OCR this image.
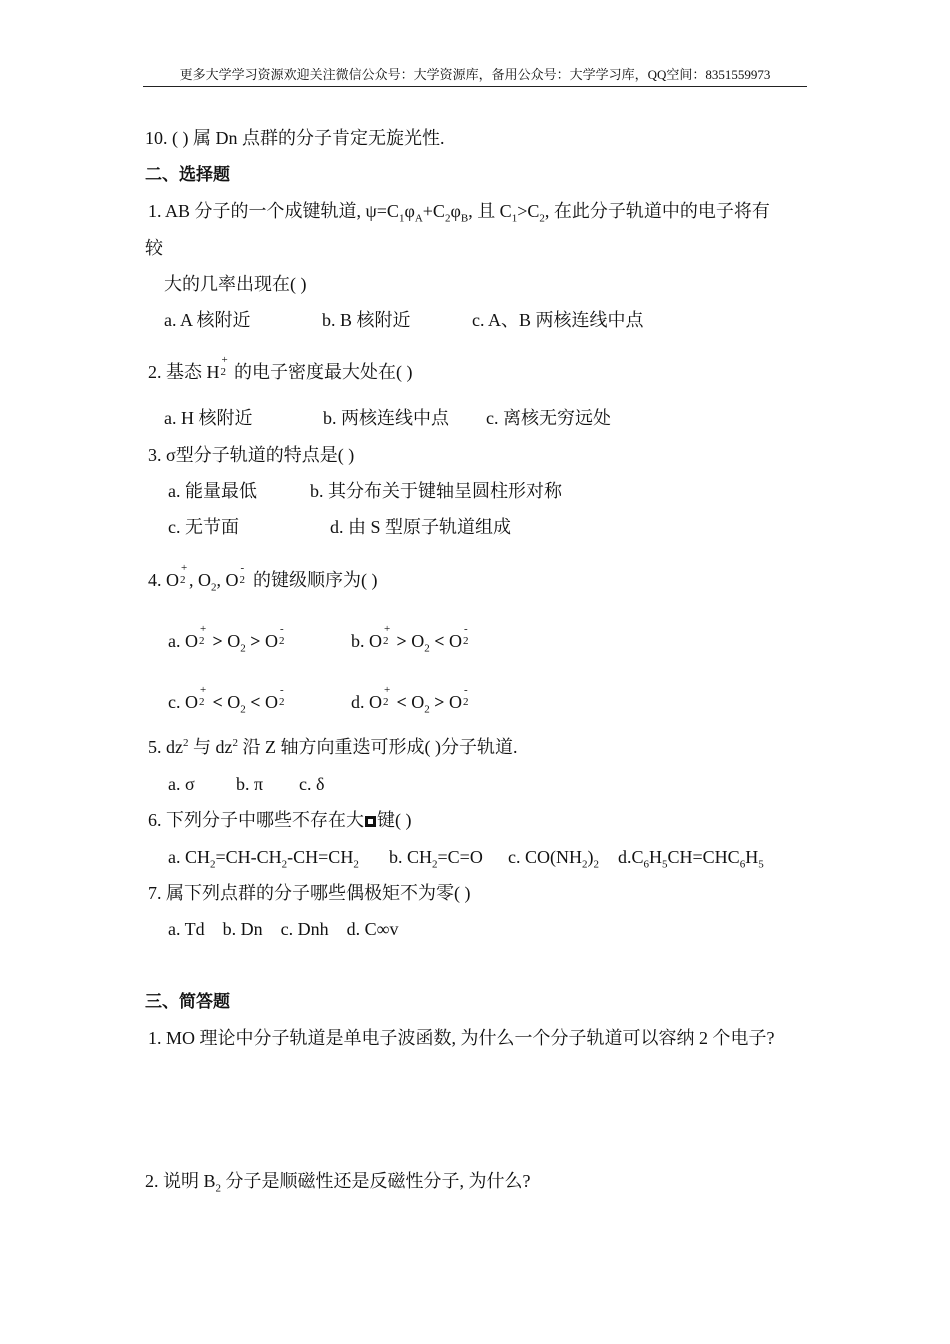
更多大学学习资源欢迎关注微信公众号：大学资源库，备用公众号：大学学习库，QQ空间：8351559973
10. ( ) 属 Dn 点群的分子肯定无旋光性.
二、选择题
1. AB 分子的一个成键轨道, $\psi=C_1\varphi_A+C_2\varphi_B$, 且 $C_1>C_2$, 在此分子轨道中的电子将有
较
大的几率出现在( )
a. A 核附近	b. B 核附近	c. A、B 两核连线中点
2. 基态 H
+
2 的电子密度最大处在( )
a. H 核附近	b. 两核连线中点 c. 离核无穷远处
3. σ型分子轨道的特点是( )
a. 能量最低	b. 其分布关于键轴呈圆柱形对称
c. 无节面	d. 由 S 型原子轨道组成
4. O
+
2 , $O_2$, O
-
2 的键级顺序为( )
a. O
+
$2 > O_2 > O$
-
2	b. O
+
$2 > O_2 < O$
-
2
c. O
+
$2 < O_2 < O$
-
2	d. O
+
$2 < O_2 > O$
-
2
5. $dz^2$ 与 $dz^2$ 沿 Z 轴方向重迭可形成( )分子轨道.
a. σ b. π c. δ
6. 下列分子中哪些不存在大 键( )
a. $CH_2=CH-CH_2-CH=CH_2$ b. $CH_2=C=O$ c. $CO(NH_2)_2$ $d.C_6H_5CH=CHC_6H_5$
7. 属下列点群的分子哪些偶极矩不为零( )
a. Td    b. Dn    c. Dnh    d. C∞v
三、简答题
1. MO 理论中分子轨道是单电子波函数, 为什么一个分子轨道可以容纳 2 个电子?
2. 说明 $B_2$ 分子是顺磁性还是反磁性分子, 为什么?
